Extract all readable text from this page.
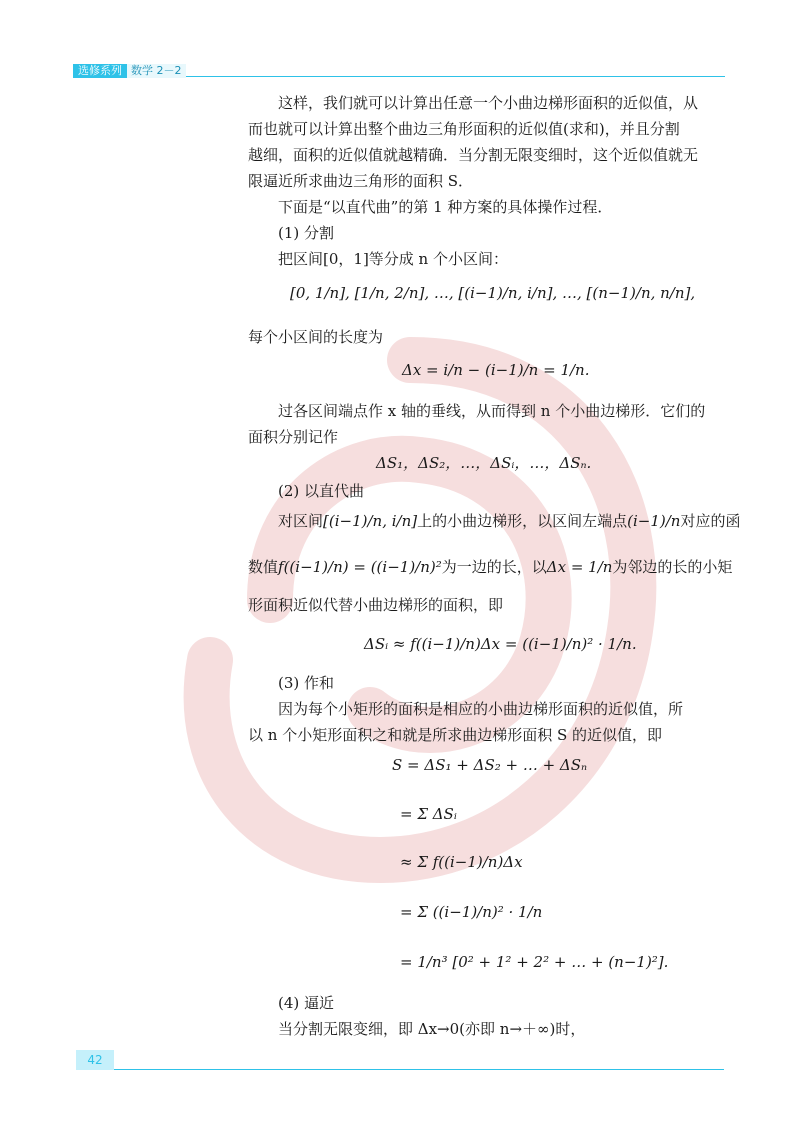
选修系列 数学 2－2
这样，我们就可以计算出任意一个小曲边梯形面积的近似值，从
而也就可以计算出整个曲边三角形面积的近似值(求和)，并且分割
越细，面积的近似值就越精确．当分割无限变细时，这个近似值就无
限逼近所求曲边三角形的面积 S．
下面是“以直代曲”的第 1 种方案的具体操作过程．
(1) 分割
把区间[0，1]等分成 n 个小区间：
[0, 1/n], [1/n, 2/n], …, [(i−1)/n, i/n], …, [(n−1)/n, n/n],
每个小区间的长度为
Δx = i/n − (i−1)/n = 1/n.
过各区间端点作 x 轴的垂线，从而得到 n 个小曲边梯形．它们的
面积分别记作
ΔS₁，ΔS₂，…，ΔSᵢ，…，ΔSₙ.
(2) 以直代曲
对区间[(i−1)/n, i/n]上的小曲边梯形，以区间左端点(i−1)/n对应的函
数值f((i−1)/n) = ((i−1)/n)²为一边的长，以Δx = 1/n为邻边的长的小矩
形面积近似代替小曲边梯形的面积，即
ΔSᵢ ≈ f((i−1)/n)Δx = ((i−1)/n)² · 1/n.
(3) 作和
因为每个小矩形的面积是相应的小曲边梯形面积的近似值，所
以 n 个小矩形面积之和就是所求曲边梯形面积 S 的近似值，即
S = ΔS₁ + ΔS₂ + … + ΔSₙ
= Σ ΔSᵢ
≈ Σ f((i−1)/n)Δx
= Σ ((i−1)/n)² · 1/n
= 1/n³ [0² + 1² + 2² + … + (n−1)²].
(4) 逼近
当分割无限变细，即 Δx→0(亦即 n→＋∞)时，
42
